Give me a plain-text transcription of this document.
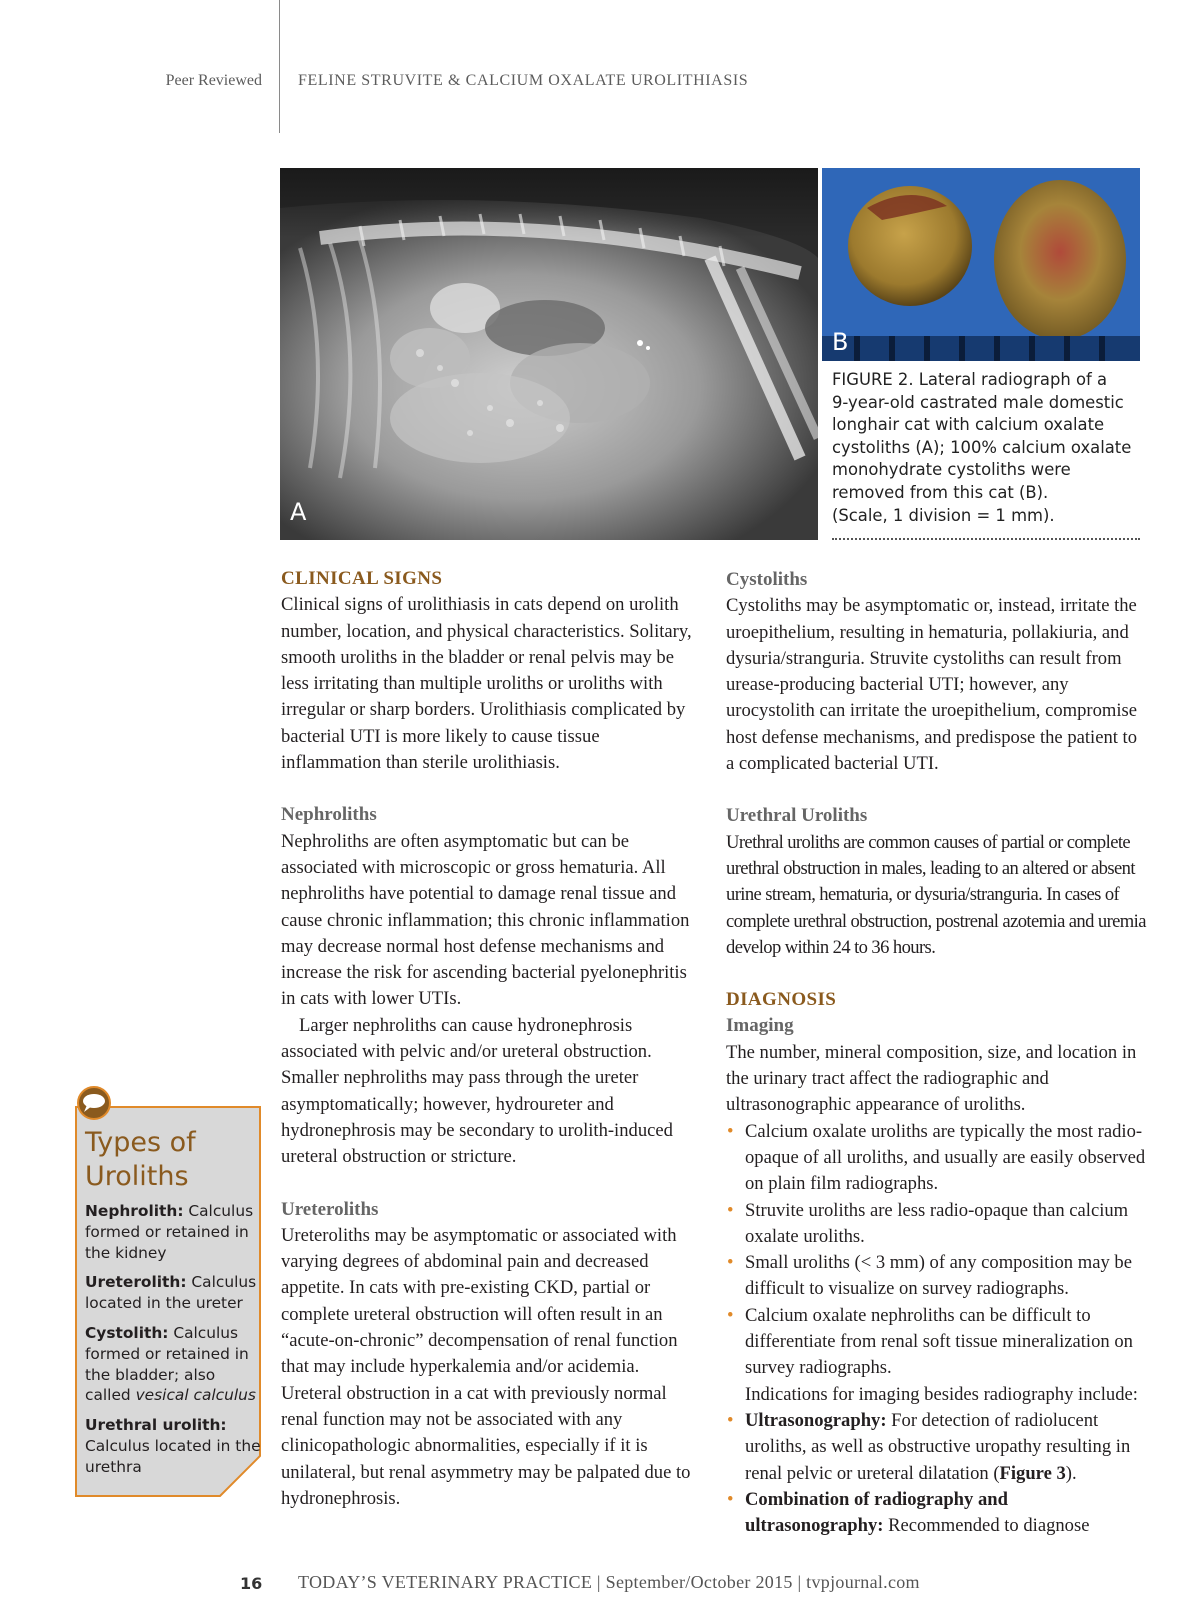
Peer Reviewed FELINE STRUVITE & CALCIUM OXALATE UROLITHIASIS
A
B
FIGURE 2. Lateral radiograph of a
9-year-old castrated male domestic
longhair cat with calcium oxalate
cystoliths (A); 100% calcium oxalate
monohydrate cystoliths were
removed from this cat (B).
(Scale, 1 division = 1 mm).

CLINICAL SIGNS

Clinical signs of urolithiasis in cats depend on urolith number, location, and physical characteristics. Solitary, smooth uroliths in the bladder or renal pelvis may be less irritating than multiple uroliths or uroliths with irregular or sharp borders. Urolithiasis complicated by bacterial UTI is more likely to cause tissue inflammation than sterile urolithiasis.

Nephroliths

Nephroliths are often asymptomatic but can be associated with microscopic or gross hematuria. All nephroliths have potential to damage renal tissue and cause chronic inflammation; this chronic inflammation may decrease normal host defense mechanisms and increase the risk for ascending bacterial pyelonephritis in cats with lower UTIs.

Larger nephroliths can cause hydronephrosis associated with pelvic and/or ureteral obstruction. Smaller nephroliths may pass through the ureter asymptomatically; however, hydroureter and hydronephrosis may be secondary to urolith-induced ureteral obstruction or stricture.

Ureteroliths

Ureteroliths may be asymptomatic or associated with varying degrees of abdominal pain and decreased appetite. In cats with pre-existing CKD, partial or complete ureteral obstruction will often result in an “acute-on-chronic” decompensation of renal function that may include hyperkalemia and/or acidemia. Ureteral obstruction in a cat with previously normal renal function may not be associated with any clinicopathologic abnormalities, especially if it is unilateral, but renal asymmetry may be palpated due to hydronephrosis.

Cystoliths

Cystoliths may be asymptomatic or, instead, irritate the uroepithelium, resulting in hematuria, pollakiuria, and dysuria/stranguria. Struvite cystoliths can result from urease-producing bacterial UTI; however, any urocystolith can irritate the uroepithelium, compromise host defense mechanisms, and predispose the patient to a complicated bacterial UTI.

Urethral Uroliths

Urethral uroliths are common causes of partial or complete urethral obstruction in males, leading to an altered or absent urine stream, hematuria, or dysuria/stranguria. In cases of complete urethral obstruction, postrenal azotemia and uremia develop within 24 to 36 hours.

DIAGNOSIS

Imaging

The number, mineral composition, size, and location in the urinary tract affect the radiographic and ultrasonographic appearance of uroliths.

• Calcium oxalate uroliths are typically the most radio-opaque of all uroliths, and usually are easily observed on plain film radiographs.
• Struvite uroliths are less radio-opaque than calcium oxalate uroliths.
• Small uroliths (< 3 mm) of any composition may be difficult to visualize on survey radiographs.
• Calcium oxalate nephroliths can be difficult to differentiate from renal soft tissue mineralization on survey radiographs.

Indications for imaging besides radiography include:

• Ultrasonography: For detection of radiolucent uroliths, as well as obstructive uropathy resulting in renal pelvic or ureteral dilatation (Figure 3).
• Combination of radiography and ultrasonography: Recommended to diagnose
Types of
Uroliths

Nephrolith: Calculus formed or retained in the kidney

Ureterolith: Calculus located in the ureter

Cystolith: Calculus formed or retained in the bladder; also called vesical calculus

Urethral urolith: Calculus located in the urethra

16 TODAY’S VETERINARY PRACTICE | September/October 2015 | tvpjournal.com
